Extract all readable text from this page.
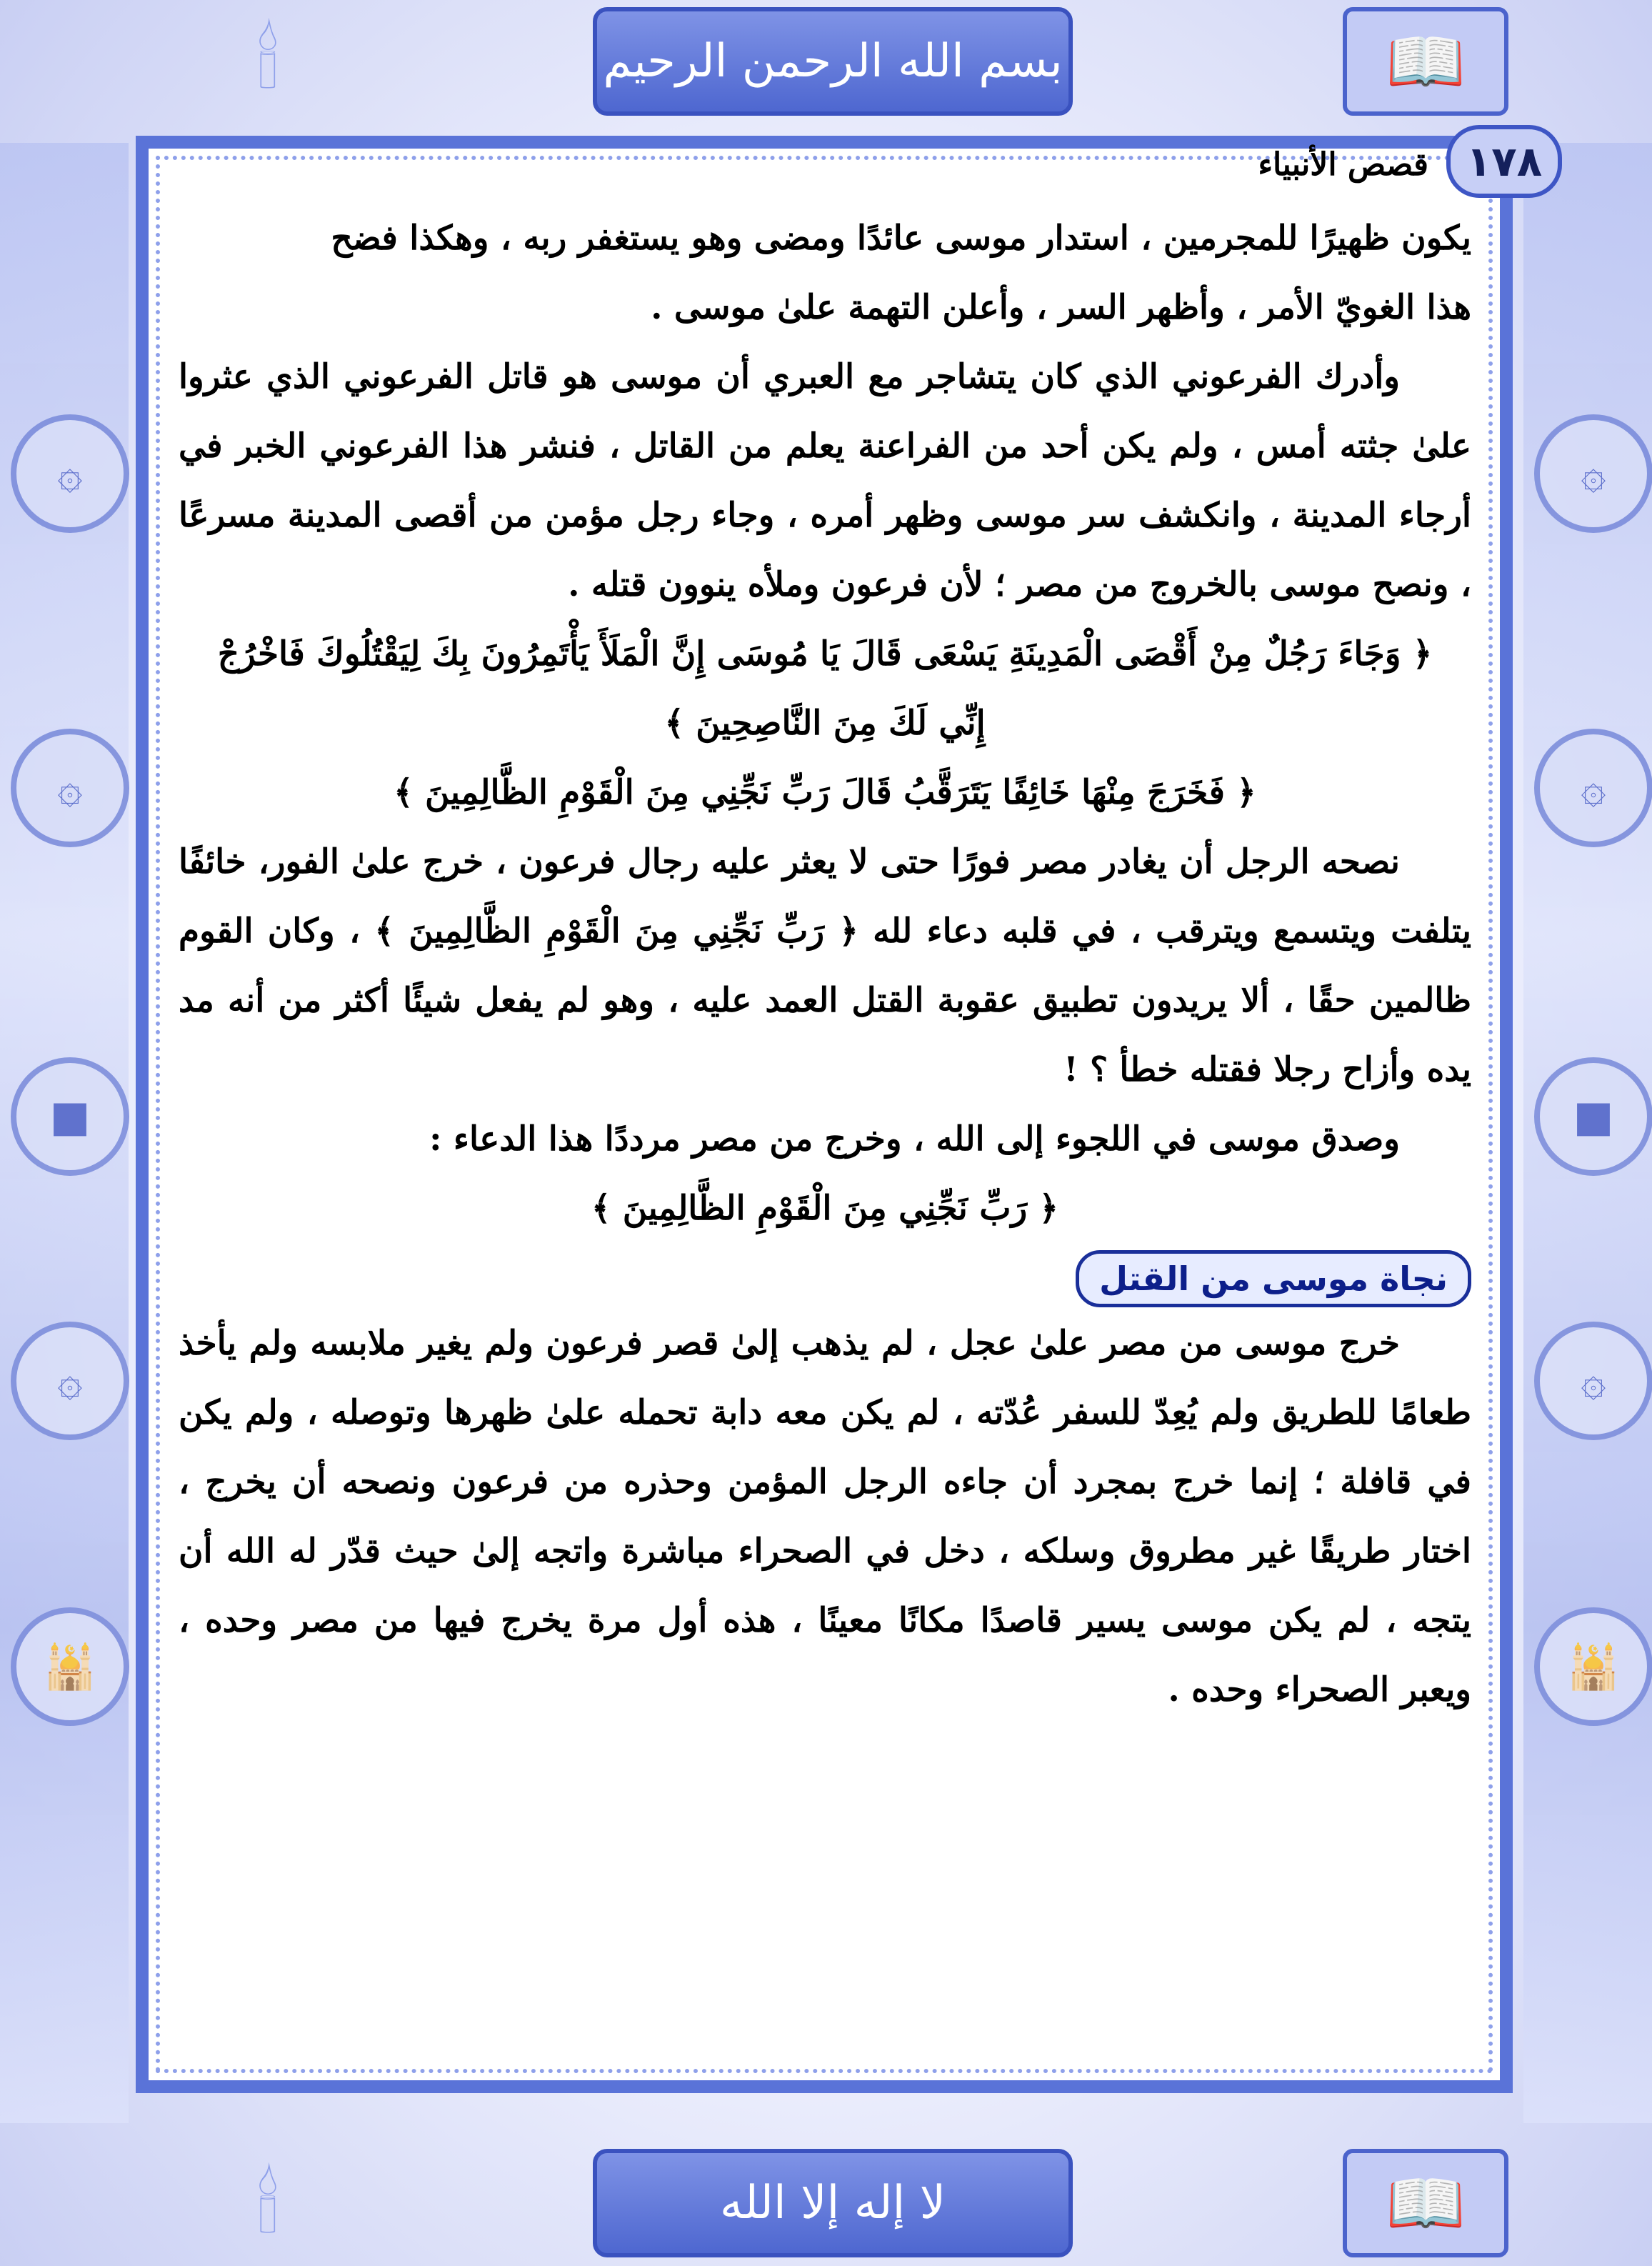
۞
۞
■
۞
🕌
۞
۞
■
۞
🕌
🕯
🕯
📖
📖
بسم الله الرحمن الرحيم
لا إله إلا الله
١٧٨
قصص الأنبياء

يكون ظهيرًا للمجرمين ، استدار موسى عائدًا ومضى وهو يستغفر ربه ، وهكذا فضح
هذا الغويّ الأمر ، وأظهر السر ، وأعلن التهمة علىٰ موسى .

وأدرك الفرعوني الذي كان يتشاجر مع العبري أن موسى هو قاتل الفرعوني الذي عثروا علىٰ جثته أمس ، ولم يكن أحد من الفراعنة يعلم من القاتل ، فنشر هذا الفرعوني الخبر في أرجاء المدينة ، وانكشف سر موسى وظهر أمره ، وجاء رجل مؤمن من أقصى المدينة مسرعًا ، ونصح موسى بالخروج من مصر ؛ لأن فرعون وملأه ينوون قتله .

﴿ وَجَاءَ رَجُلٌ مِنْ أَقْصَى الْمَدِينَةِ يَسْعَى قَالَ يَا مُوسَى إِنَّ الْمَلَأَ يَأْتَمِرُونَ بِكَ لِيَقْتُلُوكَ فَاخْرُجْ
إِنِّي لَكَ مِنَ النَّاصِحِينَ ﴾

﴿ فَخَرَجَ مِنْهَا خَائِفًا يَتَرَقَّبُ قَالَ رَبِّ نَجِّنِي مِنَ الْقَوْمِ الظَّالِمِينَ ﴾

نصحه الرجل أن يغادر مصر فورًا حتى لا يعثر عليه رجال فرعون ، خرج علىٰ الفور، خائفًا يتلفت ويتسمع ويترقب ، في قلبه دعاء لله ﴿ رَبِّ نَجِّنِي مِنَ الْقَوْمِ الظَّالِمِينَ ﴾ ، وكان القوم ظالمين حقًا ، ألا يريدون تطبيق عقوبة القتل العمد عليه ، وهو لم يفعل شيئًا أكثر من أنه مد يده وأزاح رجلا فقتله خطأ ؟ !

وصدق موسى في اللجوء إلى الله ، وخرج من مصر مرددًا هذا الدعاء :

﴿ رَبِّ نَجِّنِي مِنَ الْقَوْمِ الظَّالِمِينَ ﴾

نجاة موسى من القتل

خرج موسى من مصر علىٰ عجل ، لم يذهب إلىٰ قصر فرعون ولم يغير ملابسه ولم يأخذ طعامًا للطريق ولم يُعِدّ للسفر عُدّته ، لم يكن معه دابة تحمله علىٰ ظهرها وتوصله ، ولم يكن في قافلة ؛ إنما خرج بمجرد أن جاءه الرجل المؤمن وحذره من فرعون ونصحه أن يخرج ، اختار طريقًا غير مطروق وسلكه ، دخل في الصحراء مباشرة واتجه إلىٰ حيث قدّر له الله أن يتجه ، لم يكن موسى يسير قاصدًا مكانًا معينًا ، هذه أول مرة يخرج فيها من مصر وحده ، ويعبر الصحراء وحده .
